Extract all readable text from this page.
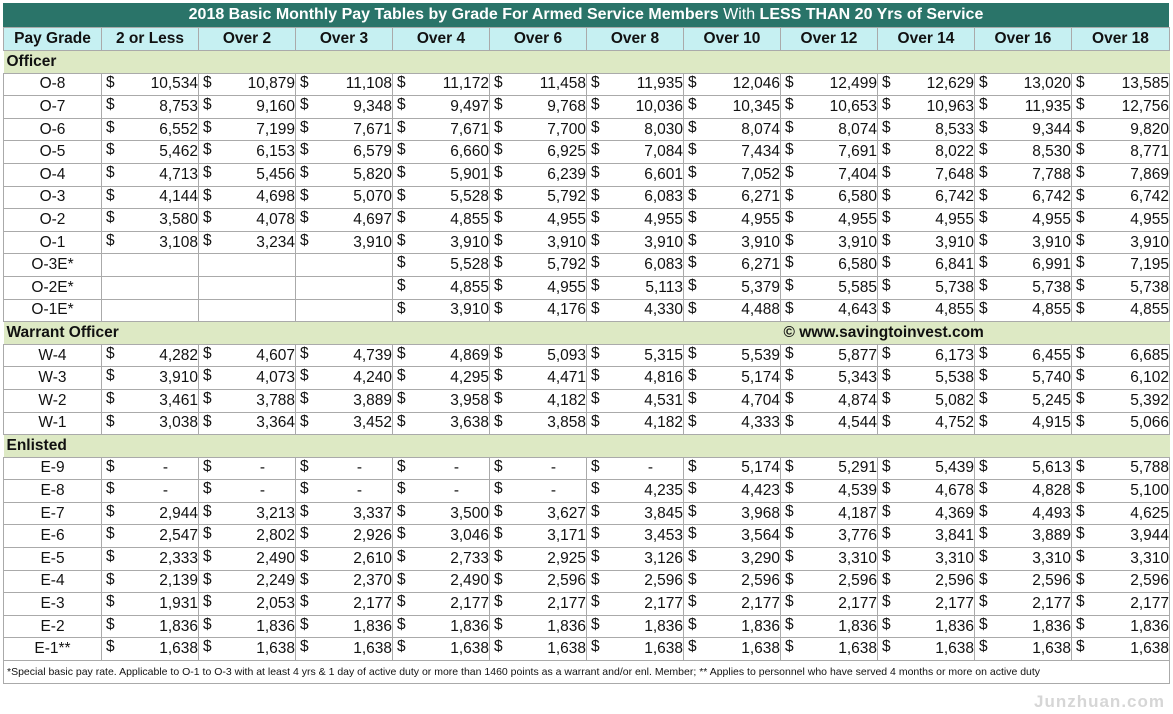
2018 Basic Monthly Pay Tables by Grade For Armed Service Members With LESS THAN 20 Yrs of Service
Pay Grade	2 or Less	Over 2	Over 3	Over 4	Over 6	Over 8	Over 10	Over 12	Over 14	Over 16	Over 18
Officer											
O-8	$ 10,534	$ 10,879	$ 11,108	$ 11,172	$ 11,458	$ 11,935	$ 12,046	$ 12,499	$ 12,629	$ 13,020	$ 13,585
O-7	$ 8,753	$ 9,160	$ 9,348	$ 9,497	$ 9,768	$ 10,036	$ 10,345	$ 10,653	$ 10,963	$ 11,935	$ 12,756
O-6	$ 6,552	$ 7,199	$ 7,671	$ 7,671	$ 7,700	$ 8,030	$ 8,074	$ 8,074	$ 8,533	$ 9,344	$ 9,820
O-5	$ 5,462	$ 6,153	$ 6,579	$ 6,660	$ 6,925	$ 7,084	$ 7,434	$ 7,691	$ 8,022	$ 8,530	$ 8,771
O-4	$ 4,713	$ 5,456	$ 5,820	$ 5,901	$ 6,239	$ 6,601	$ 7,052	$ 7,404	$ 7,648	$ 7,788	$ 7,869
O-3	$ 4,144	$ 4,698	$ 5,070	$ 5,528	$ 5,792	$ 6,083	$ 6,271	$ 6,580	$ 6,742	$ 6,742	$ 6,742
O-2	$ 3,580	$ 4,078	$ 4,697	$ 4,855	$ 4,955	$ 4,955	$ 4,955	$ 4,955	$ 4,955	$ 4,955	$ 4,955
O-1	$ 3,108	$ 3,234	$ 3,910	$ 3,910	$ 3,910	$ 3,910	$ 3,910	$ 3,910	$ 3,910	$ 3,910	$ 3,910
O-3E*				$ 5,528	$ 5,792	$ 6,083	$ 6,271	$ 6,580	$ 6,841	$ 6,991	$ 7,195
O-2E*				$ 4,855	$ 4,955	$ 5,113	$ 5,379	$ 5,585	$ 5,738	$ 5,738	$ 5,738
O-1E*				$ 3,910	$ 4,176	$ 4,330	$ 4,488	$ 4,643	$ 4,855	$ 4,855	$ 4,855
Warrant Officer								© www.savingtoinvest.com			
W-4	$ 4,282	$ 4,607	$ 4,739	$ 4,869	$ 5,093	$ 5,315	$ 5,539	$ 5,877	$ 6,173	$ 6,455	$ 6,685
W-3	$ 3,910	$ 4,073	$ 4,240	$ 4,295	$ 4,471	$ 4,816	$ 5,174	$ 5,343	$ 5,538	$ 5,740	$ 6,102
W-2	$ 3,461	$ 3,788	$ 3,889	$ 3,958	$ 4,182	$ 4,531	$ 4,704	$ 4,874	$ 5,082	$ 5,245	$ 5,392
W-1	$ 3,038	$ 3,364	$ 3,452	$ 3,638	$ 3,858	$ 4,182	$ 4,333	$ 4,544	$ 4,752	$ 4,915	$ 5,066
Enlisted											
E-9	$ -	$ -	$ -	$ -	$ -	$ -	$ 5,174	$ 5,291	$ 5,439	$ 5,613	$ 5,788
E-8	$ -	$ -	$ -	$ -	$ -	$ 4,235	$ 4,423	$ 4,539	$ 4,678	$ 4,828	$ 5,100
E-7	$ 2,944	$ 3,213	$ 3,337	$ 3,500	$ 3,627	$ 3,845	$ 3,968	$ 4,187	$ 4,369	$ 4,493	$ 4,625
E-6	$ 2,547	$ 2,802	$ 2,926	$ 3,046	$ 3,171	$ 3,453	$ 3,564	$ 3,776	$ 3,841	$ 3,889	$ 3,944
E-5	$ 2,333	$ 2,490	$ 2,610	$ 2,733	$ 2,925	$ 3,126	$ 3,290	$ 3,310	$ 3,310	$ 3,310	$ 3,310
E-4	$ 2,139	$ 2,249	$ 2,370	$ 2,490	$ 2,596	$ 2,596	$ 2,596	$ 2,596	$ 2,596	$ 2,596	$ 2,596
E-3	$ 1,931	$ 2,053	$ 2,177	$ 2,177	$ 2,177	$ 2,177	$ 2,177	$ 2,177	$ 2,177	$ 2,177	$ 2,177
E-2	$ 1,836	$ 1,836	$ 1,836	$ 1,836	$ 1,836	$ 1,836	$ 1,836	$ 1,836	$ 1,836	$ 1,836	$ 1,836
E-1**	$ 1,638	$ 1,638	$ 1,638	$ 1,638	$ 1,638	$ 1,638	$ 1,638	$ 1,638	$ 1,638	$ 1,638	$ 1,638
*Special basic pay rate. Applicable to O-1 to O-3 with at least 4 yrs & 1 day of active duty or more than 1460 points as a warrant and/or enl. Member; ** Applies to personnel who have served 4 months or more on active duty											
Junzhuan.com
